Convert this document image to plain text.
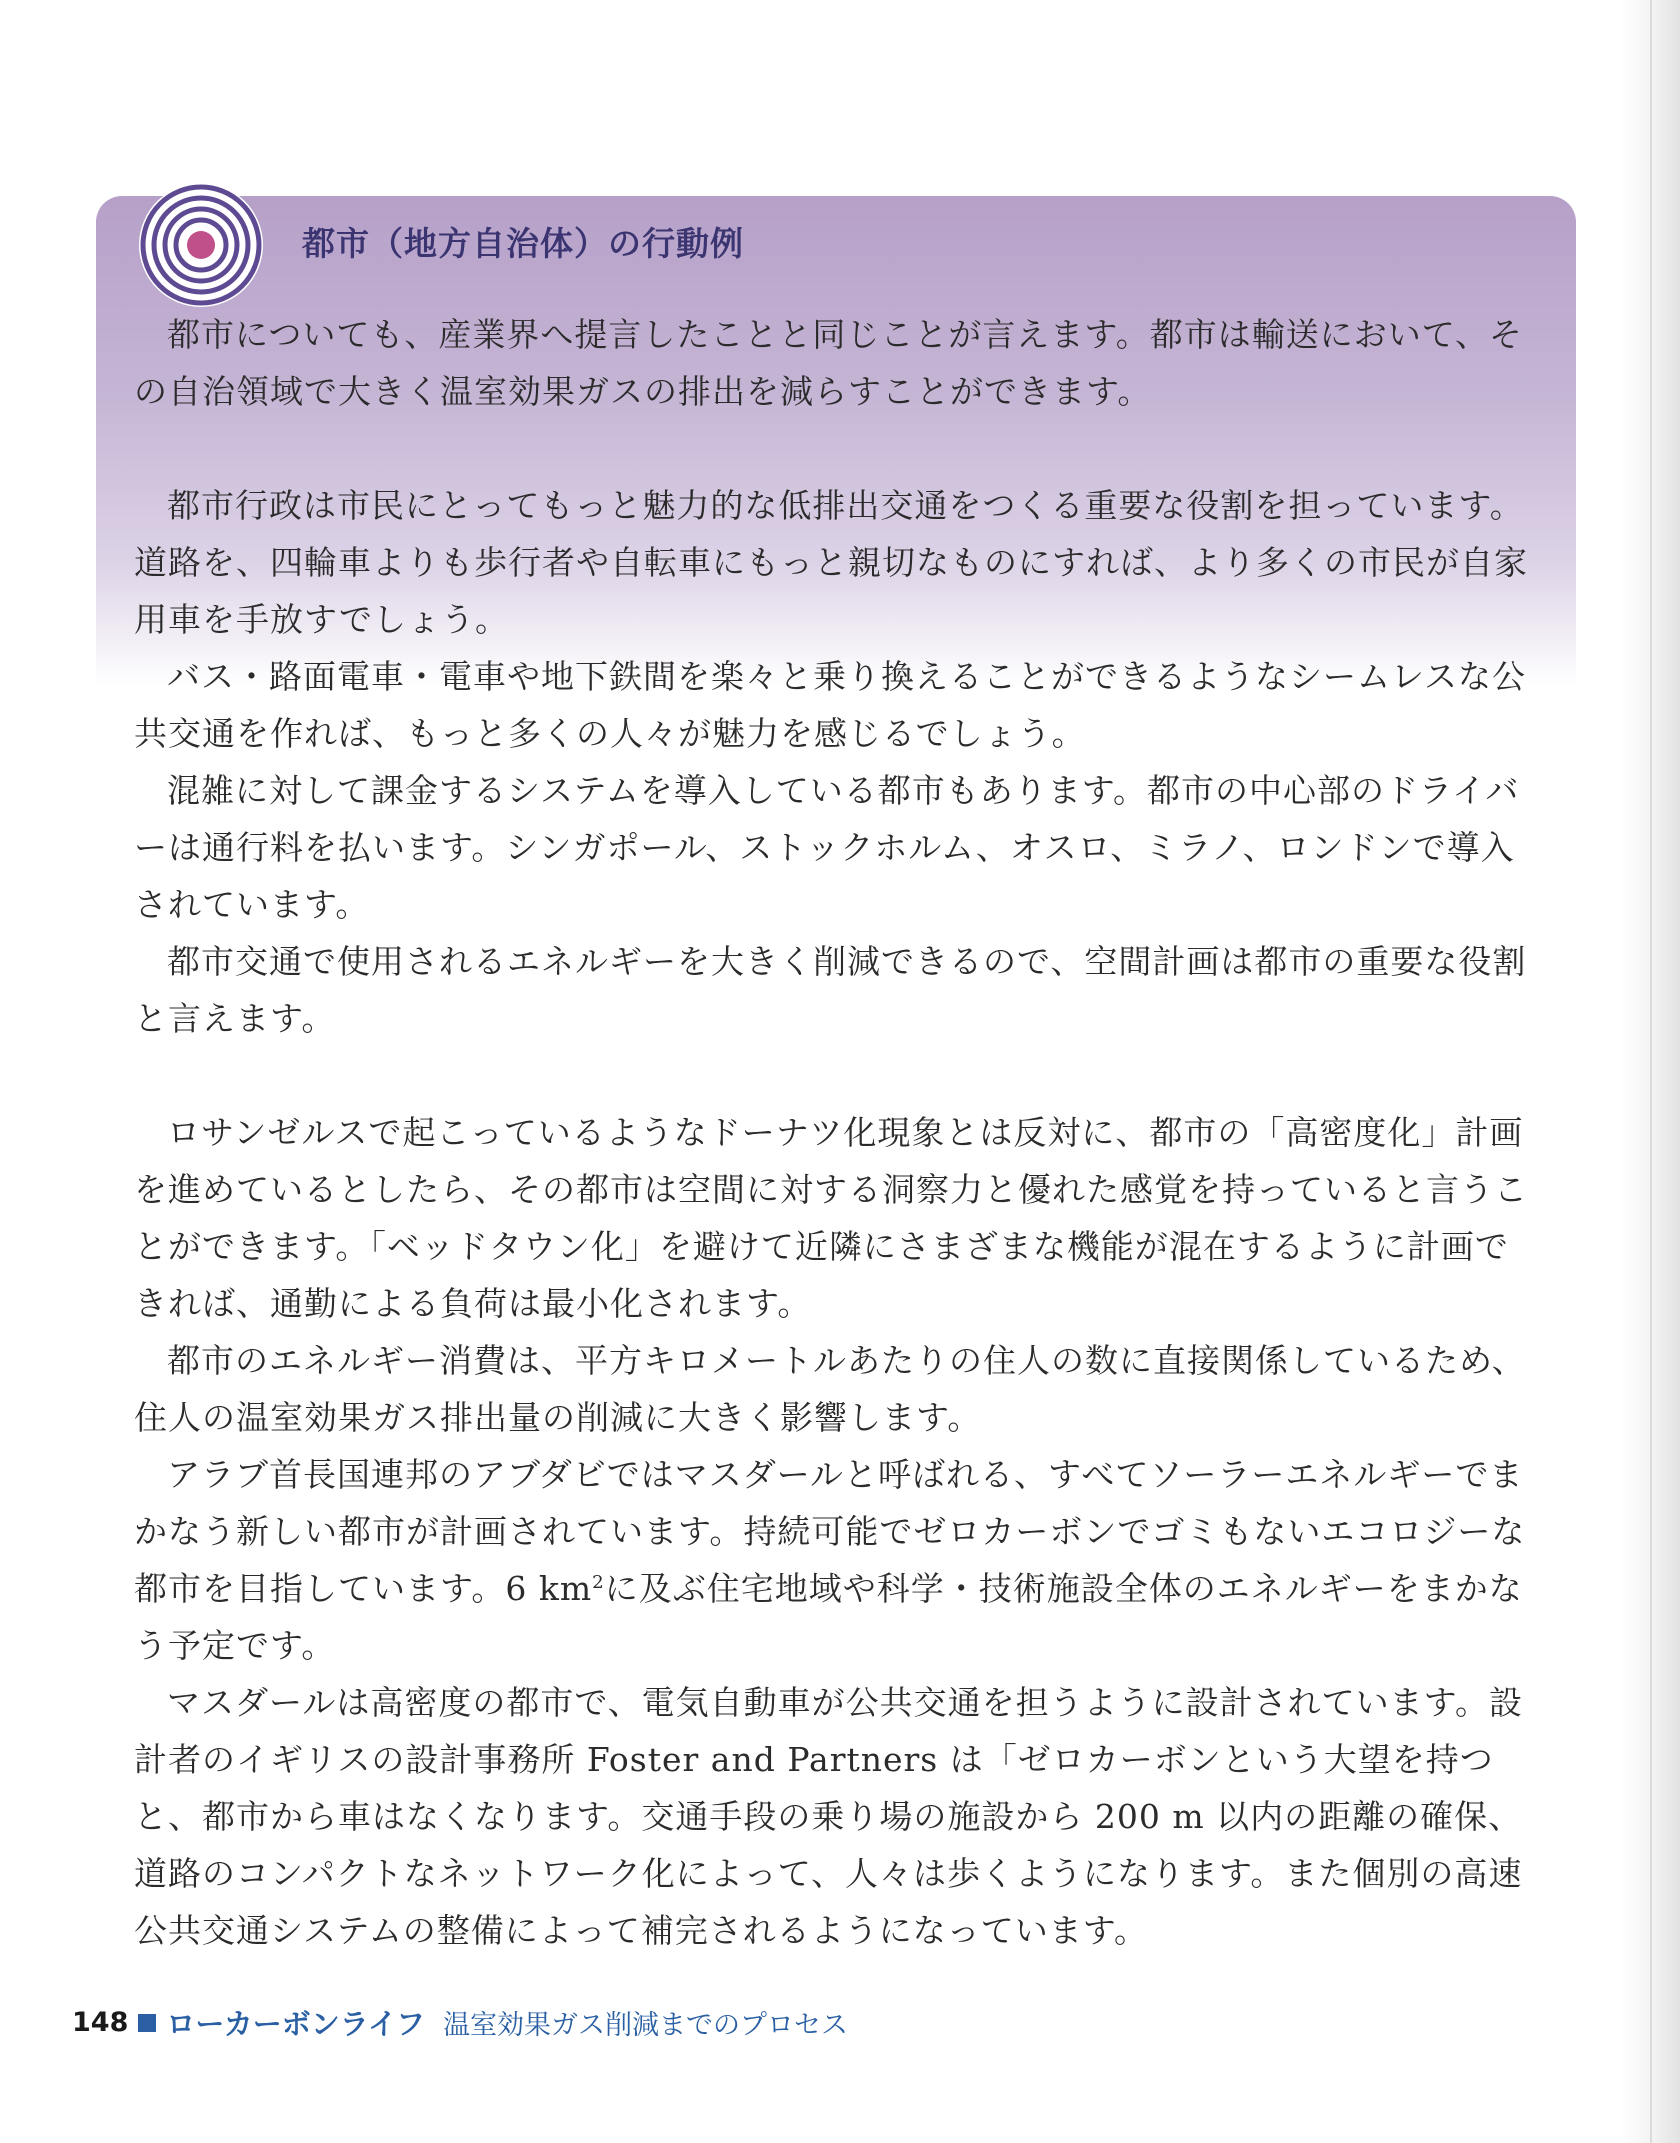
都市（地方自治体）の行動例

都市についても、産業界へ提言したことと同じことが言えます。都市は輸送において、その自治領域で大きく温室効果ガスの排出を減らすことができます。

都市行政は市民にとってもっと魅力的な低排出交通をつくる重要な役割を担っています。道路を、四輪車よりも歩行者や自転車にもっと親切なものにすれば、より多くの市民が自家用車を手放すでしょう。

バス・路面電車・電車や地下鉄間を楽々と乗り換えることができるようなシームレスな公共交通を作れば、もっと多くの人々が魅力を感じるでしょう。

混雑に対して課金するシステムを導入している都市もあります。都市の中心部のドライバーは通行料を払います。シンガポール、ストックホルム、オスロ、ミラノ、ロンドンで導入されています。

都市交通で使用されるエネルギーを大きく削減できるので、空間計画は都市の重要な役割と言えます。

ロサンゼルスで起こっているようなドーナツ化現象とは反対に、都市の「高密度化」計画を進めているとしたら、その都市は空間に対する洞察力と優れた感覚を持っていると言うことができます。「ベッドタウン化」を避けて近隣にさまざまな機能が混在するように計画できれば、通勤による負荷は最小化されます。

都市のエネルギー消費は、平方キロメートルあたりの住人の数に直接関係しているため、住人の温室効果ガス排出量の削減に大きく影響します。

アラブ首長国連邦のアブダビではマスダールと呼ばれる、すべてソーラーエネルギーでまかなう新しい都市が計画されています。持続可能でゼロカーボンでゴミもないエコロジーな都市を目指しています。6 $km^2$に及ぶ住宅地域や科学・技術施設全体のエネルギーをまかなう予定です。

マスダールは高密度の都市で、電気自動車が公共交通を担うように設計されています。設計者のイギリスの設計事務所 Foster and Partners は「ゼロカーボンという大望を持つと、都市から車はなくなります。交通手段の乗り場の施設から 200 m 以内の距離の確保、道路のコンパクトなネットワーク化によって、人々は歩くようになります。また個別の高速公共交通システムの整備によって補完されるようになっています。

148 ローカーボンライフ 温室効果ガス削減までのプロセス
